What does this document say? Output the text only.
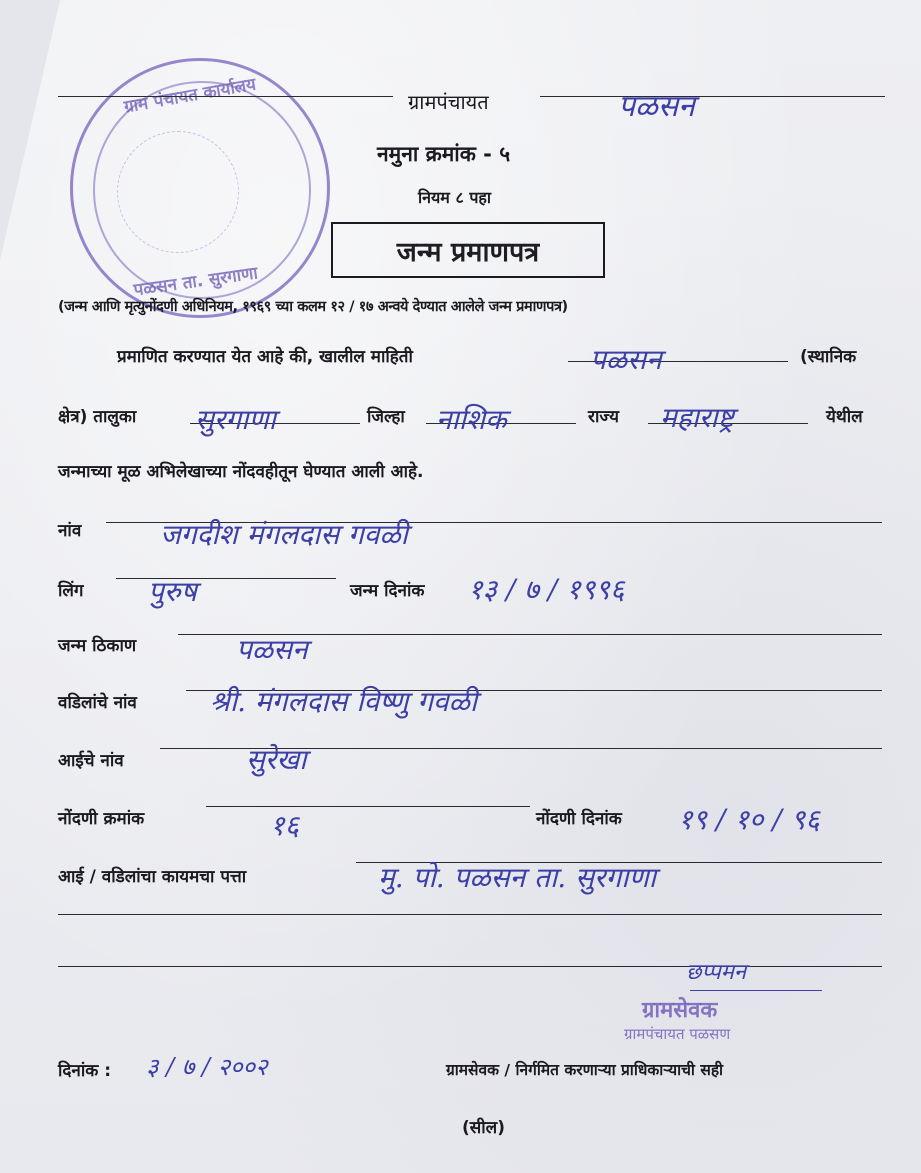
ग्राम पंचायत कार्यालय
पळसन ता. सुरगाणा
ग्रामपंचायत	पळसन
नमुना क्रमांक - ५
नियम ८ पहा
जन्म प्रमाणपत्र
(जन्म आणि मृत्युनोंदणी अधिनियम, १९६९ च्या कलम १२ / १७ अन्वये देण्यात आलेले जन्म प्रमाणपत्र)
प्रमाणित करण्यात येत आहे की, खालील माहिती	पळसन	(स्थानिक
क्षेत्र) तालुका सुरगाणा	जिल्हा नाशिक	राज्य महाराष्ट्र	येथील
जन्माच्या मूळ अभिलेखाच्या नोंदवहीतून घेण्यात आली आहे.
नांव	जगदीश मंगलदास गवळी
लिंग पुरुष	जन्म दिनांक १३ / ७ / १९९६
जन्म ठिकाण	पळसन
वडिलांचे नांव	श्री. मंगलदास विष्णु गवळी
आईचे नांव	सुरेखा
नोंदणी क्रमांक	१६	नोंदणी दिनांक १९ / १० / ९६
आई / वडिलांचा कायमचा पत्ता	मु. पो. पळसन ता. सुरगाणा
छप्पमन
ग्रामसेवक
ग्रामपंचायत पळसण
दिनांक : ३ / ७ / २००२	ग्रामसेवक / निर्गमित करणाऱ्या प्राधिकाऱ्याची सही
(सील)
